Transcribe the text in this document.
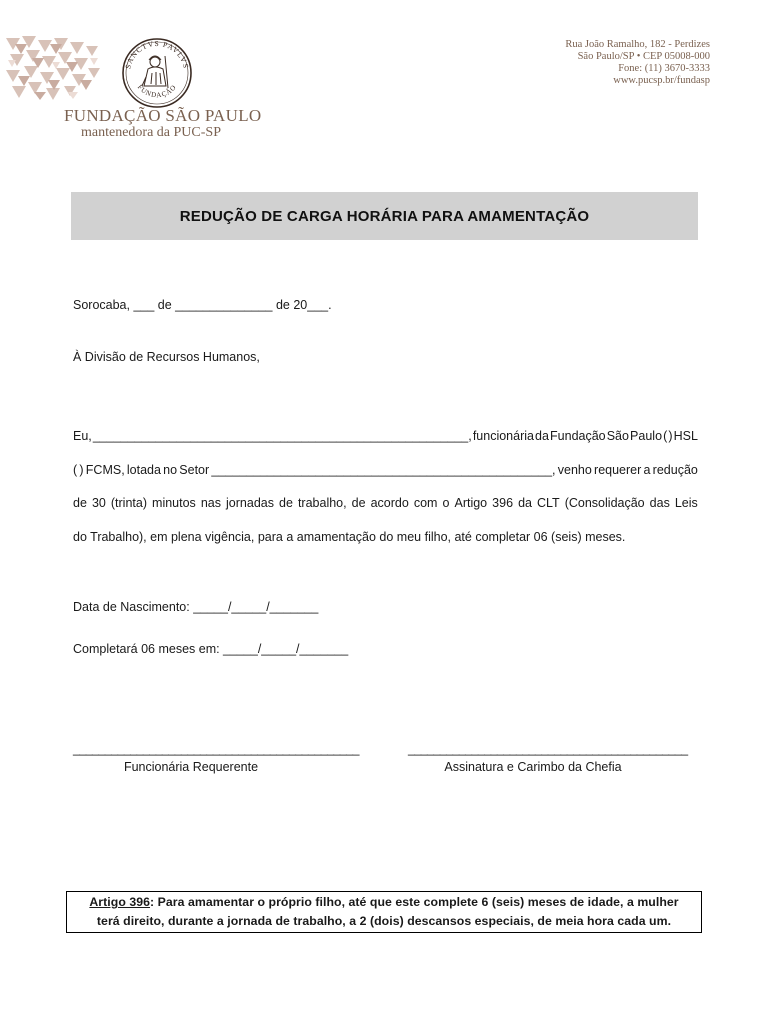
SANCTVS PAVLVS
FUNDAÇÃO
FUNDAÇÃO SÃO PAULO
mantenedora da PUC-SP
Rua João Ramalho, 182 - Perdizes
São Paulo/SP • CEP 05008-000
Fone: (11) 3670-3333
www.pucsp.br/fundasp
REDUÇÃO DE CARGA HORÁRIA PARA AMAMENTAÇÃO
Sorocaba, ___ de ______________ de 20___.
À Divisão de Recursos Humanos,
Eu, ______________________________________________________, funcionária da Fundação São Paulo ( ) HSL
( ) FCMS, lotada no Setor _________________________________________________, venho requerer a redução
de 30 (trinta) minutos nas jornadas de trabalho, de acordo com o Artigo 396 da CLT (Consolidação das Leis
do Trabalho), em plena vigência, para a amamentação do meu filho, até completar 06 (seis) meses.
Data de Nascimento: _____/_____/_______
Completará 06 meses em: _____/_____/_______
_____________________________________________
Funcionária Requerente
____________________________________________
Assinatura e Carimbo da Chefia
Artigo 396: Para amamentar o próprio filho, até que este complete 6 (seis) meses de idade, a mulher
terá direito, durante a jornada de trabalho, a 2 (dois) descansos especiais, de meia hora cada um.
